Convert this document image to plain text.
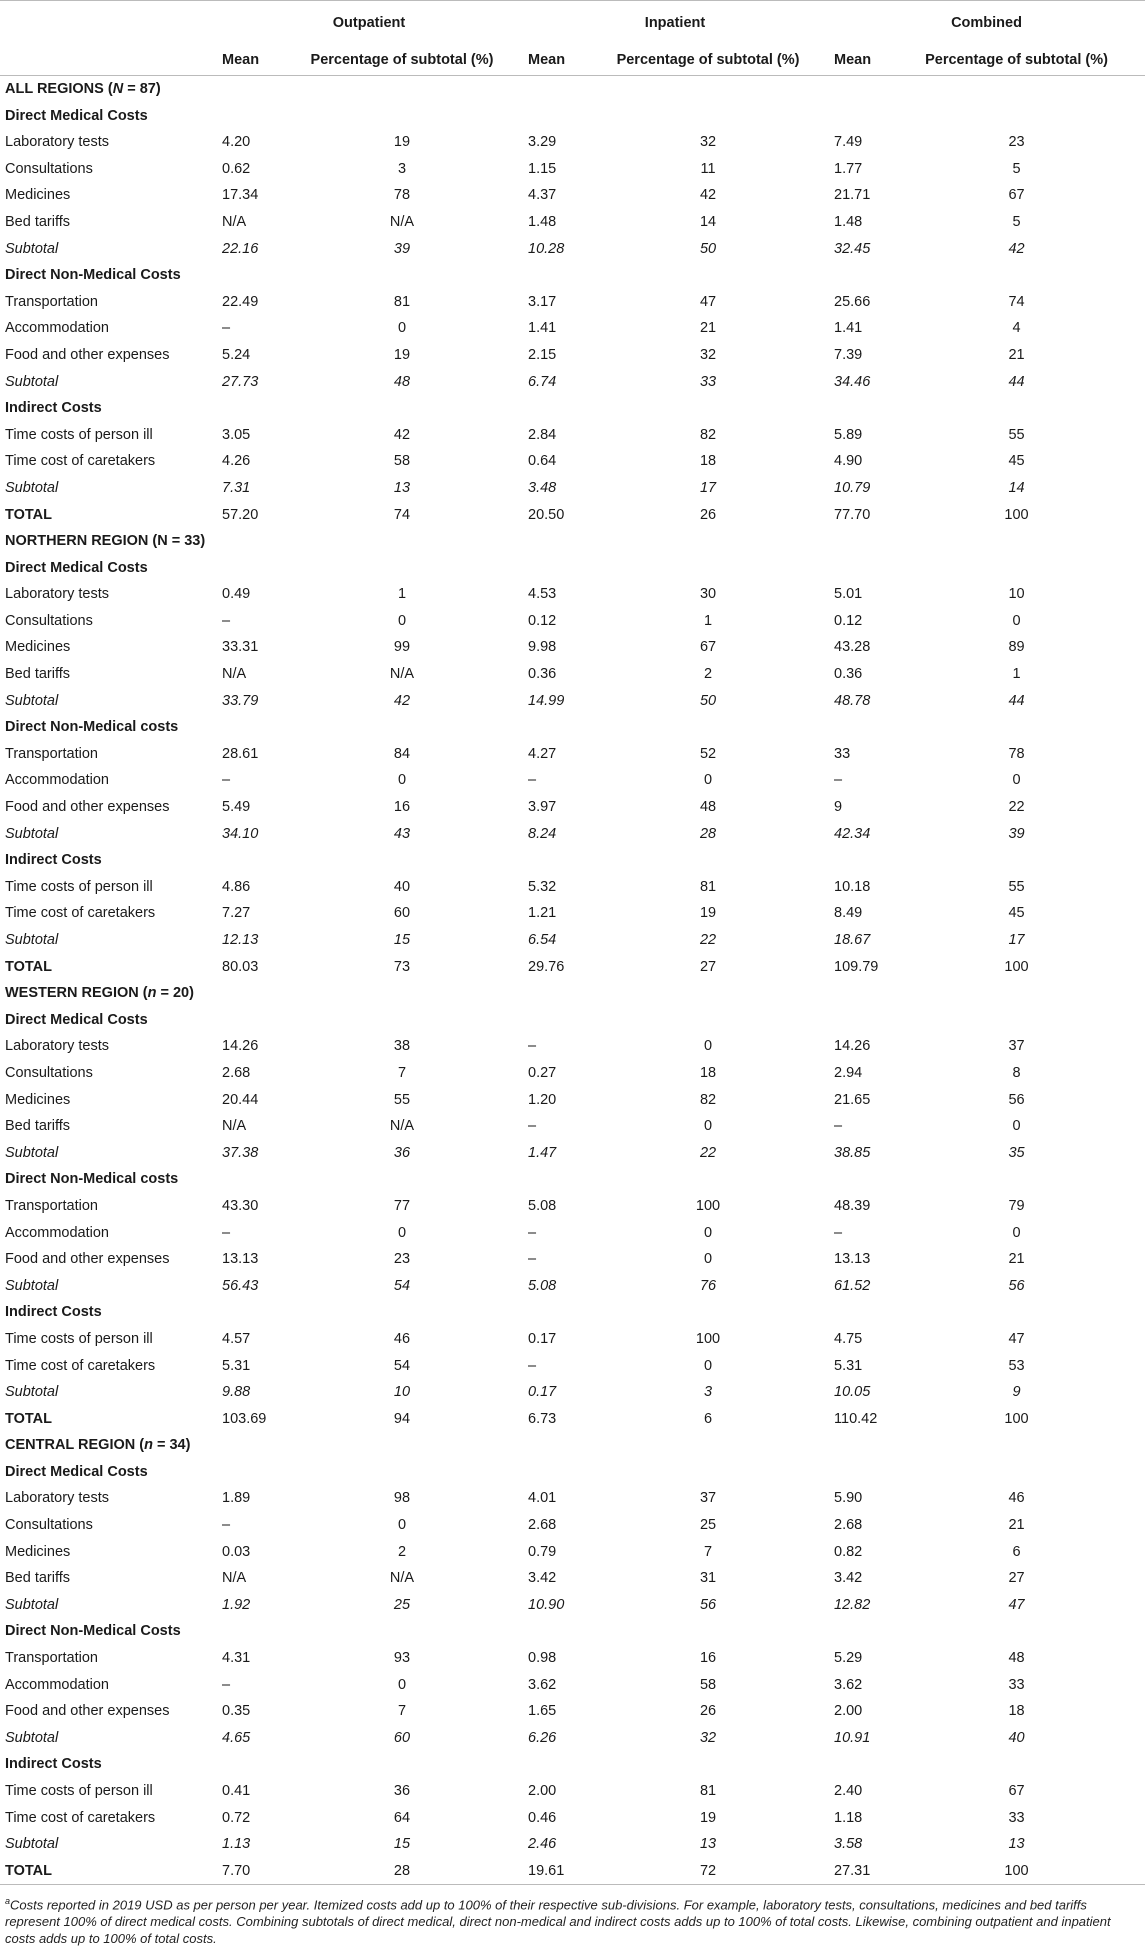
	Outpatient		Inpatient		Combined	
	Mean	Percentage of subtotal (%)	Mean	Percentage of subtotal (%)	Mean	Percentage of subtotal (%)
ALL REGIONS (N = 87)						
Direct Medical Costs						
Laboratory tests	4.20	19	3.29	32	7.49	23
Consultations	0.62	3	1.15	11	1.77	5
Medicines	17.34	78	4.37	42	21.71	67
Bed tariffs	N/A	N/A	1.48	14	1.48	5
Subtotal	22.16	39	10.28	50	32.45	42
Direct Non-Medical Costs						
Transportation	22.49	81	3.17	47	25.66	74
Accommodation	–	0	1.41	21	1.41	4
Food and other expenses	5.24	19	2.15	32	7.39	21
Subtotal	27.73	48	6.74	33	34.46	44
Indirect Costs						
Time costs of person ill	3.05	42	2.84	82	5.89	55
Time cost of caretakers	4.26	58	0.64	18	4.90	45
Subtotal	7.31	13	3.48	17	10.79	14
TOTAL	57.20	74	20.50	26	77.70	100
NORTHERN REGION (N = 33)						
Direct Medical Costs						
Laboratory tests	0.49	1	4.53	30	5.01	10
Consultations	–	0	0.12	1	0.12	0
Medicines	33.31	99	9.98	67	43.28	89
Bed tariffs	N/A	N/A	0.36	2	0.36	1
Subtotal	33.79	42	14.99	50	48.78	44
Direct Non-Medical costs						
Transportation	28.61	84	4.27	52	33	78
Accommodation	–	0	–	0	–	0
Food and other expenses	5.49	16	3.97	48	9	22
Subtotal	34.10	43	8.24	28	42.34	39
Indirect Costs						
Time costs of person ill	4.86	40	5.32	81	10.18	55
Time cost of caretakers	7.27	60	1.21	19	8.49	45
Subtotal	12.13	15	6.54	22	18.67	17
TOTAL	80.03	73	29.76	27	109.79	100
WESTERN REGION (n = 20)						
Direct Medical Costs						
Laboratory tests	14.26	38	–	0	14.26	37
Consultations	2.68	7	0.27	18	2.94	8
Medicines	20.44	55	1.20	82	21.65	56
Bed tariffs	N/A	N/A	–	0	–	0
Subtotal	37.38	36	1.47	22	38.85	35
Direct Non-Medical costs						
Transportation	43.30	77	5.08	100	48.39	79
Accommodation	–	0	–	0	–	0
Food and other expenses	13.13	23	–	0	13.13	21
Subtotal	56.43	54	5.08	76	61.52	56
Indirect Costs						
Time costs of person ill	4.57	46	0.17	100	4.75	47
Time cost of caretakers	5.31	54	–	0	5.31	53
Subtotal	9.88	10	0.17	3	10.05	9
TOTAL	103.69	94	6.73	6	110.42	100
CENTRAL REGION (n = 34)						
Direct Medical Costs						
Laboratory tests	1.89	98	4.01	37	5.90	46
Consultations	–	0	2.68	25	2.68	21
Medicines	0.03	2	0.79	7	0.82	6
Bed tariffs	N/A	N/A	3.42	31	3.42	27
Subtotal	1.92	25	10.90	56	12.82	47
Direct Non-Medical Costs						
Transportation	4.31	93	0.98	16	5.29	48
Accommodation	–	0	3.62	58	3.62	33
Food and other expenses	0.35	7	1.65	26	2.00	18
Subtotal	4.65	60	6.26	32	10.91	40
Indirect Costs						
Time costs of person ill	0.41	36	2.00	81	2.40	67
Time cost of caretakers	0.72	64	0.46	19	1.18	33
Subtotal	1.13	15	2.46	13	3.58	13
TOTAL	7.70	28	19.61	72	27.31	100
$^a$Costs reported in 2019 USD as per person per year. Itemized costs add up to 100% of their respective sub-divisions. For example, laboratory tests, consultations, medicines and bed tariffs represent 100% of direct medical costs. Combining subtotals of direct medical, direct non-medical and indirect costs adds up to 100% of total costs. Likewise, combining outpatient and inpatient costs adds up to 100% of total costs.
